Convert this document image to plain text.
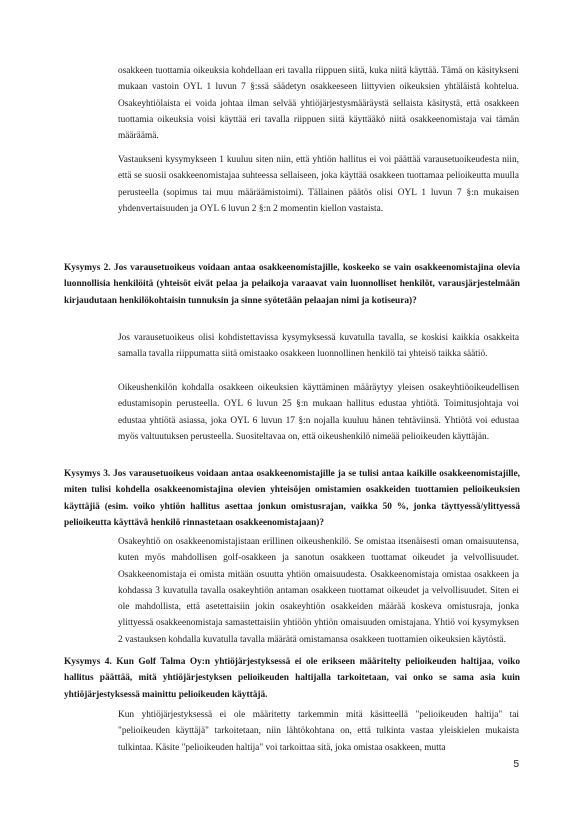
osakkeen tuottamia oikeuksia kohdellaan eri tavalla riippuen siitä, kuka niitä käyttää. Tämä on käsitykseni mukaan vastoin OYL 1 luvun 7 §:ssä säädetyn osakkeeseen liittyvien oikeuksien yhtäläistä kohtelua. Osakeyhtiölaista ei voida johtaa ilman selvää yhtiöjärjestysmääräystä sellaista käsitystä, että osakkeen tuottamia oikeuksia voisi käyttää eri tavalla riippuen siitä käyttääkö niitä osakkeenomistaja vai tämän määräämä.

Vastaukseni kysymykseen 1 kuuluu siten niin, että yhtiön hallitus ei voi päättää varausetuoikeudesta niin, että se suosii osakkeenomistajaa suhteessa sellaiseen, joka käyttää osakkeen tuottamaa pelioikeutta muulla perusteella (sopimus tai muu määräämistoimi). Tällainen päätös olisi OYL 1 luvun 7 §:n mukaisen yhdenvertaisuuden ja OYL 6 luvun 2 §:n 2 momentin kiellon vastaista.

Kysymys 2. Jos varausetuoikeus voidaan antaa osakkeenomistajille, koskeeko se vain osakkeenomistajina olevia luonnollisia henkilöitä (yhteisöt eivät pelaa ja pelaikoja varaavat vain luonnolliset henkilöt, varausjärjestelmään kirjaudutaan henkilökohtaisin tunnuksin ja sinne syötetään pelaajan nimi ja kotiseura)?

Jos varausetuoikeus olisi kohdistettavissa kysymyksessä kuvatulla tavalla, se koskisi kaikkia osakkeita samalla tavalla riippumatta siitä omistaako osakkeen luonnollinen henkilö tai yhteisö taikka säätiö.

Oikeushenkilön kohdalla osakkeen oikeuksien käyttäminen määräytyy yleisen osakeyhtiöoikeudellisen edustamisopin perusteella. OYL 6 luvun 25 §:n mukaan hallitus edustaa yhtiötä. Toimitusjohtaja voi edustaa yhtiötä asiassa, joka OYL 6 luvun 17 §:n nojalla kuuluu hänen tehtäviinsä. Yhtiötä voi edustaa myös valtuutuksen perusteella. Suositeltavaa on, että oikeushenkilö nimeää pelioikeuden käyttäjän.

Kysymys 3. Jos varausetuoikeus voidaan antaa osakkeenomistajille ja se tulisi antaa kaikille osakkeenomistajille, miten tulisi kohdella osakkeenomistajina olevien yhteisöjen omistamien osakkeiden tuottamien pelioikeuksien käyttäjiä (esim. voiko yhtiön hallitus asettaa jonkun omistusrajan, vaikka 50 %, jonka täyttyessä/ylittyessä pelioikeutta käyttävä henkilö rinnastetaan osakkeenomistajaan)?

Osakeyhtiö on osakkeenomistajistaan erillinen oikeushenkilö. Se omistaa itsenäisesti oman omaisuutensa, kuten myös mahdollisen golf-osakkeen ja sanotun osakkeen tuottamat oikeudet ja velvollisuudet. Osakkeenomistaja ei omista mitään osuutta yhtiön omaisuudesta. Osakkeenomistaja omistaa osakkeen ja kohdassa 3 kuvatulla tavalla osakeyhtiön antaman osakkeen tuottamat oikeudet ja velvollisuudet. Siten ei ole mahdollista, että asetettaisiin jokin osakeyhtiön osakkeiden määrää koskeva omistusraja, jonka ylittyessä osakkeenomistaja samastettaisiin yhtiöön yhtiön omaisuuden omistajana. Yhtiö voi kysymyksen 2 vastauksen kohdalla kuvatulla tavalla määrätä omistamansa osakkeen tuottamien oikeuksien käytöstä.

Kysymys 4. Kun Golf Talma Oy:n yhtiöjärjestyksessä ei ole erikseen määritelty pelioikeuden haltijaa, voiko hallitus päättää, mitä yhtiöjärjestyksen pelioikeuden haltijalla tarkoitetaan, vai onko se sama asia kuin yhtiöjärjestyksessä mainittu pelioikeuden käyttäjä.

Kun yhtiöjärjestyksessä ei ole määritetty tarkemmin mitä käsitteellä "pelioikeuden haltija" tai "pelioikeuden käyttäjä" tarkoitetaan, niin lähtökohtana on, että tulkinta vastaa yleiskielen mukaista tulkintaa. Käsite "pelioikeuden haltija" voi tarkoittaa sitä, joka omistaa osakkeen, mutta

5
